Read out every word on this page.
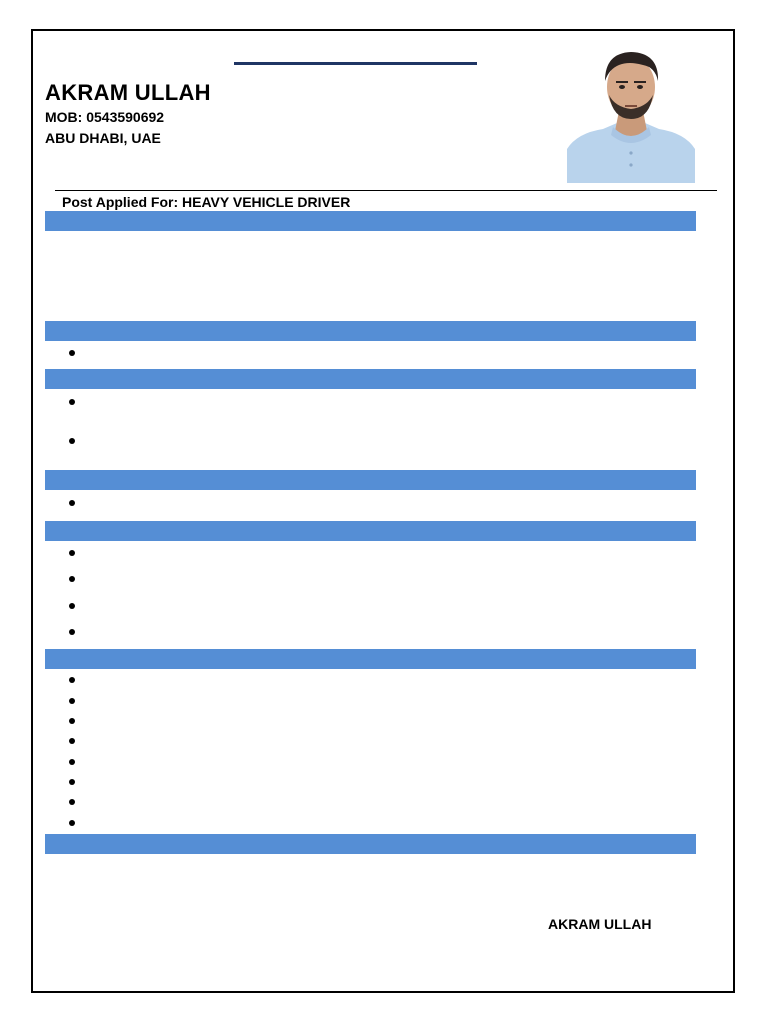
AKRAM ULLAH
MOB: 0543590692
ABU DHABI, UAE
Post Applied For: HEAVY VEHICLE DRIVER
AKRAM ULLAH
